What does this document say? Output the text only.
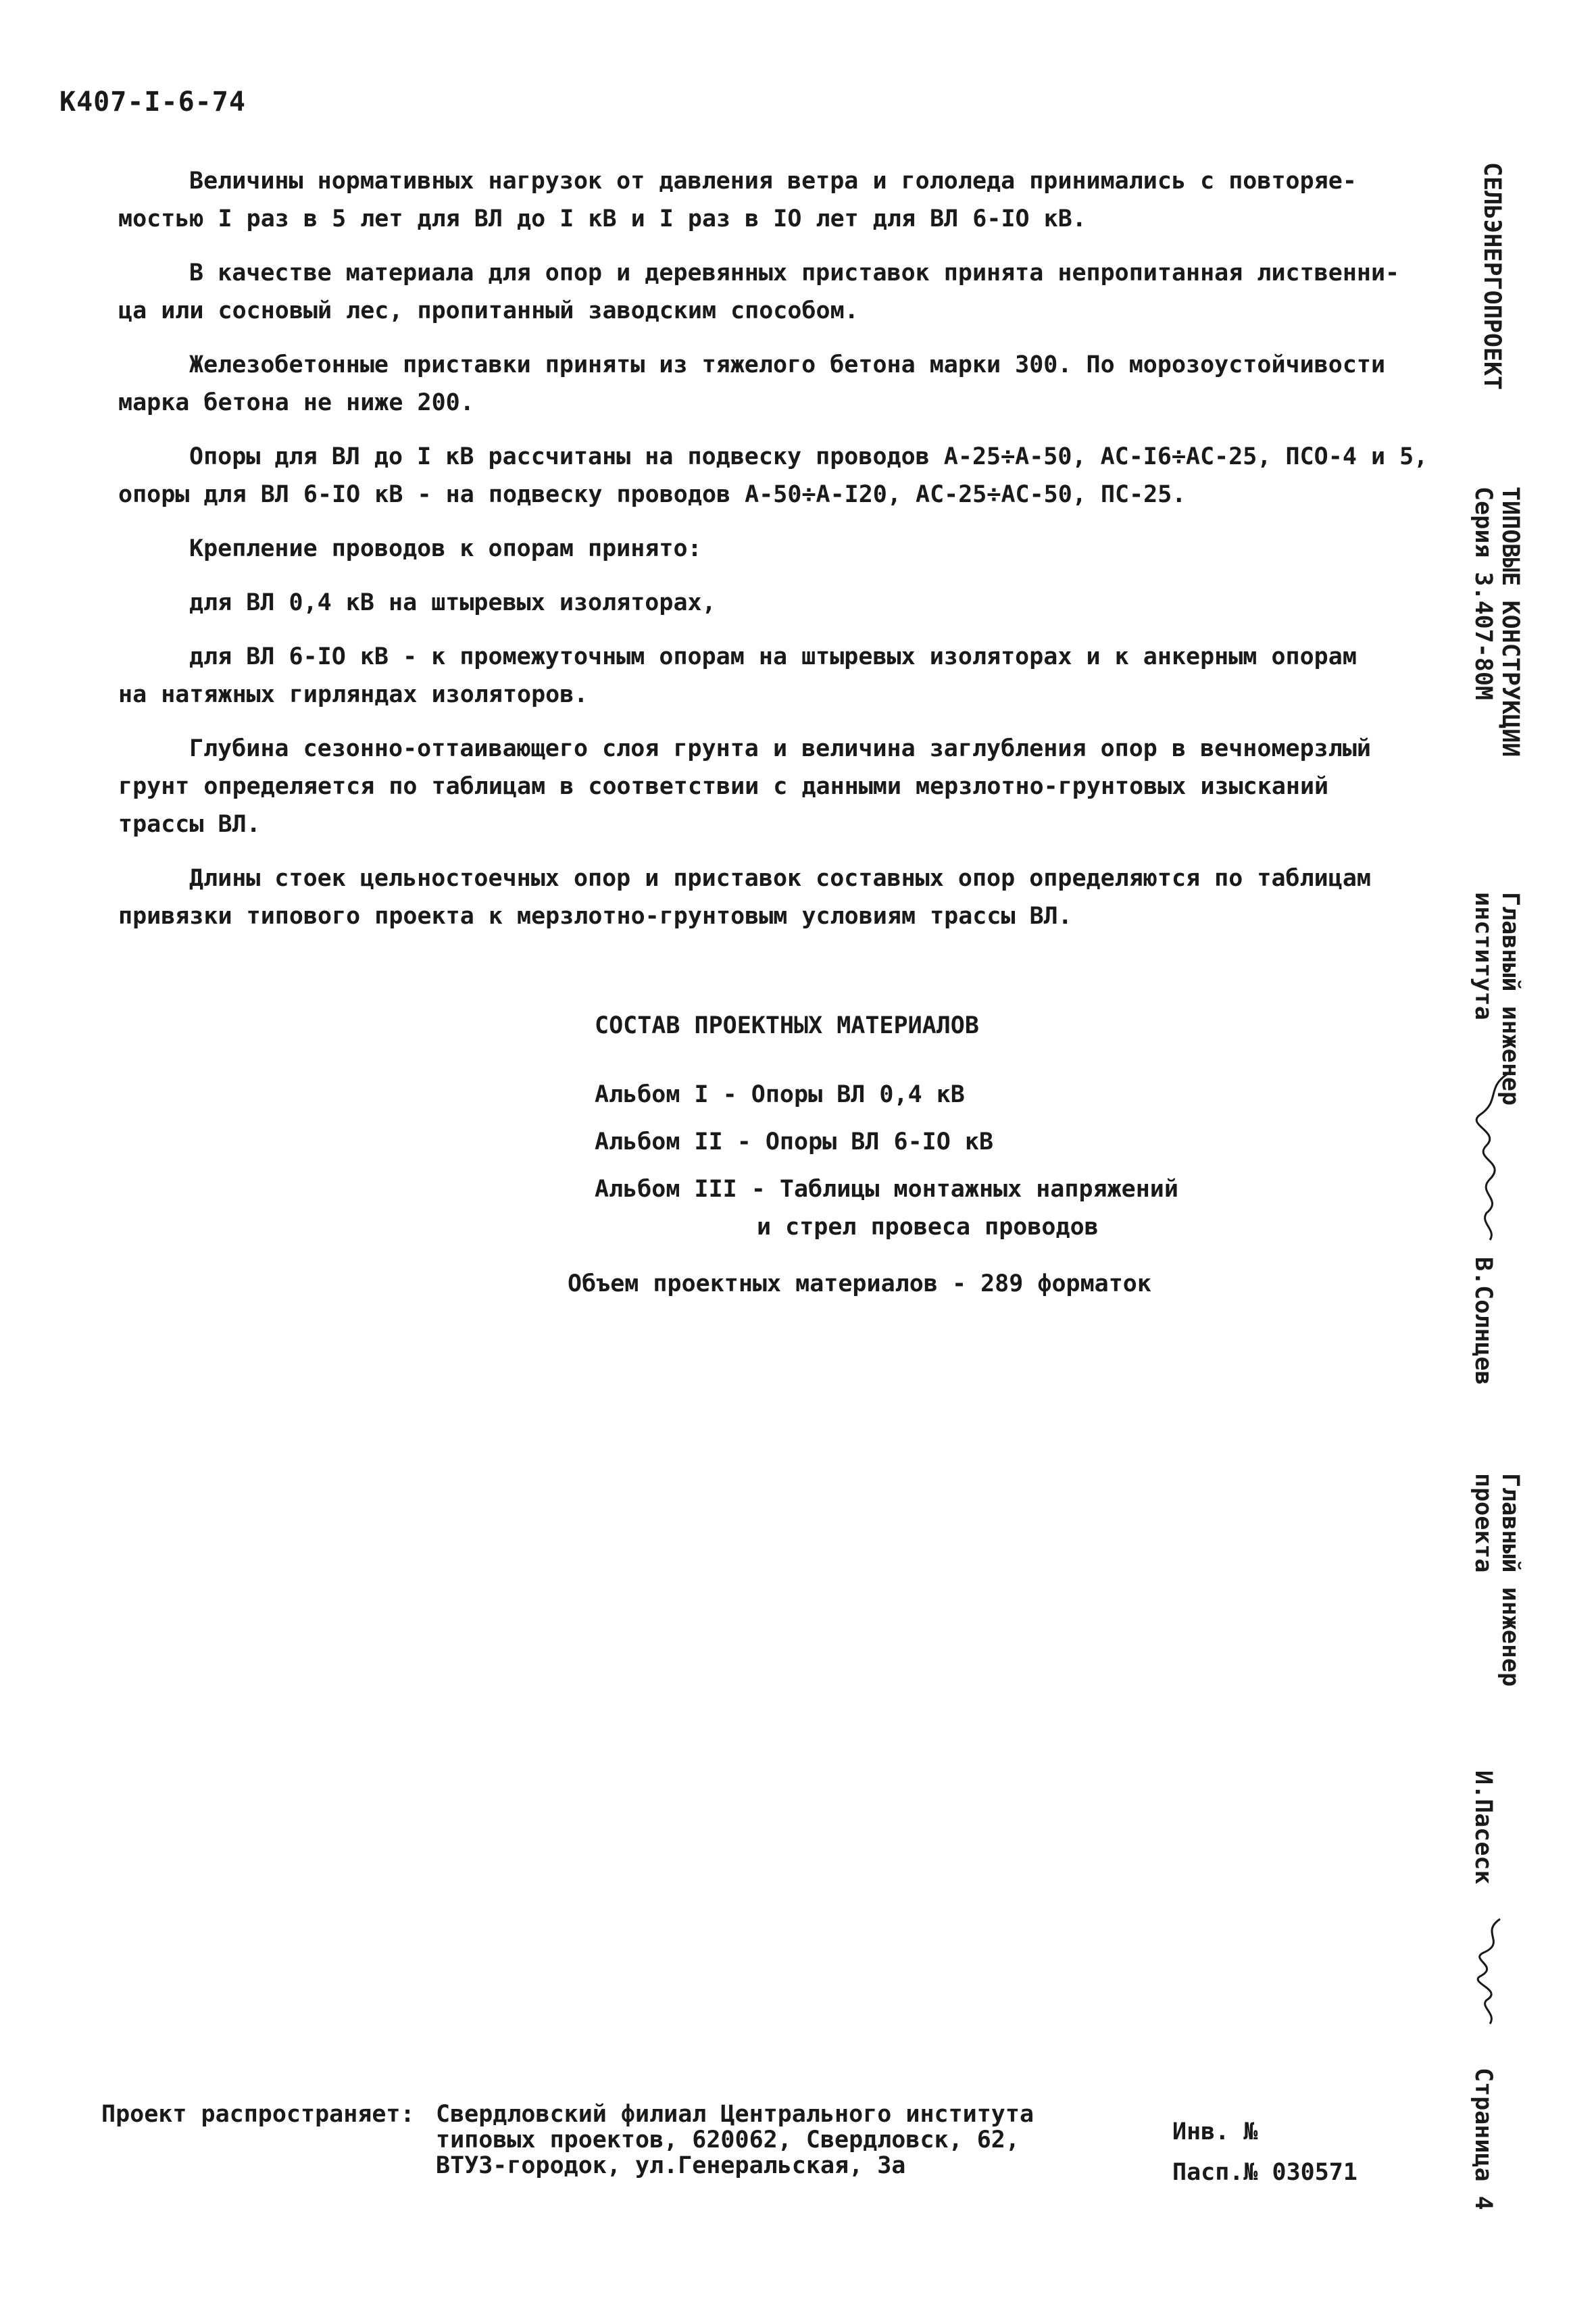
К407-I-6-74
Величины нормативных нагрузок от давления ветра и гололеда принимались с повторяе-
мостью I раз в 5 лет для ВЛ до I кВ и I раз в IO лет для ВЛ 6-IO кВ.
В качестве материала для опор и деревянных приставок принята непропитанная лиственни-
ца или сосновый лес, пропитанный заводским способом.
Железобетонные приставки приняты из тяжелого бетона марки 300. По морозоустойчивости
марка бетона не ниже 200.
Опоры для ВЛ до I кВ рассчитаны на подвеску проводов А-25÷А-50, АС-I6÷АС-25, ПСО-4 и 5,
опоры для ВЛ 6-IO кВ - на подвеску проводов А-50÷А-I20, АС-25÷АС-50, ПС-25.
Крепление проводов к опорам принято:
для ВЛ 0,4 кВ на штыревых изоляторах,
для ВЛ 6-IO кВ - к промежуточным опорам на штыревых изоляторах и к анкерным опорам
на натяжных гирляндах изоляторов.
Глубина сезонно-оттаивающего слоя грунта и величина заглубления опор в вечномерзлый
грунт определяется по таблицам в соответствии с данными мерзлотно-грунтовых изысканий
трассы ВЛ.
Длины стоек цельностоечных опор и приставок составных опор определяются по таблицам
привязки типового проекта к мерзлотно-грунтовым условиям трассы ВЛ.
СОСТАВ ПРОЕКТНЫХ МАТЕРИАЛОВ
Альбом I - Опоры ВЛ 0,4 кВ
Альбом II - Опоры ВЛ 6-IO кВ
Альбом III - Таблицы монтажных напряжений
и стрел провеса проводов
Объем проектных материалов - 289 форматок
Проект распространяет: Свердловский филиал Центрального института
типовых проектов, 620062, Свердловск, 62,
ВТУЗ-городок, ул.Генеральская, 3а
Инв. №
Пасп.№ 030571
СЕЛЬЭНЕРГОПРОЕКТ
ТИПОВЫЕ КОНСТРУКЦИИ
Серия 3.407-80М
Главный инженер
института
В.Солнцев
Главный инженер
проекта
И.Пасеск
Страница 4
